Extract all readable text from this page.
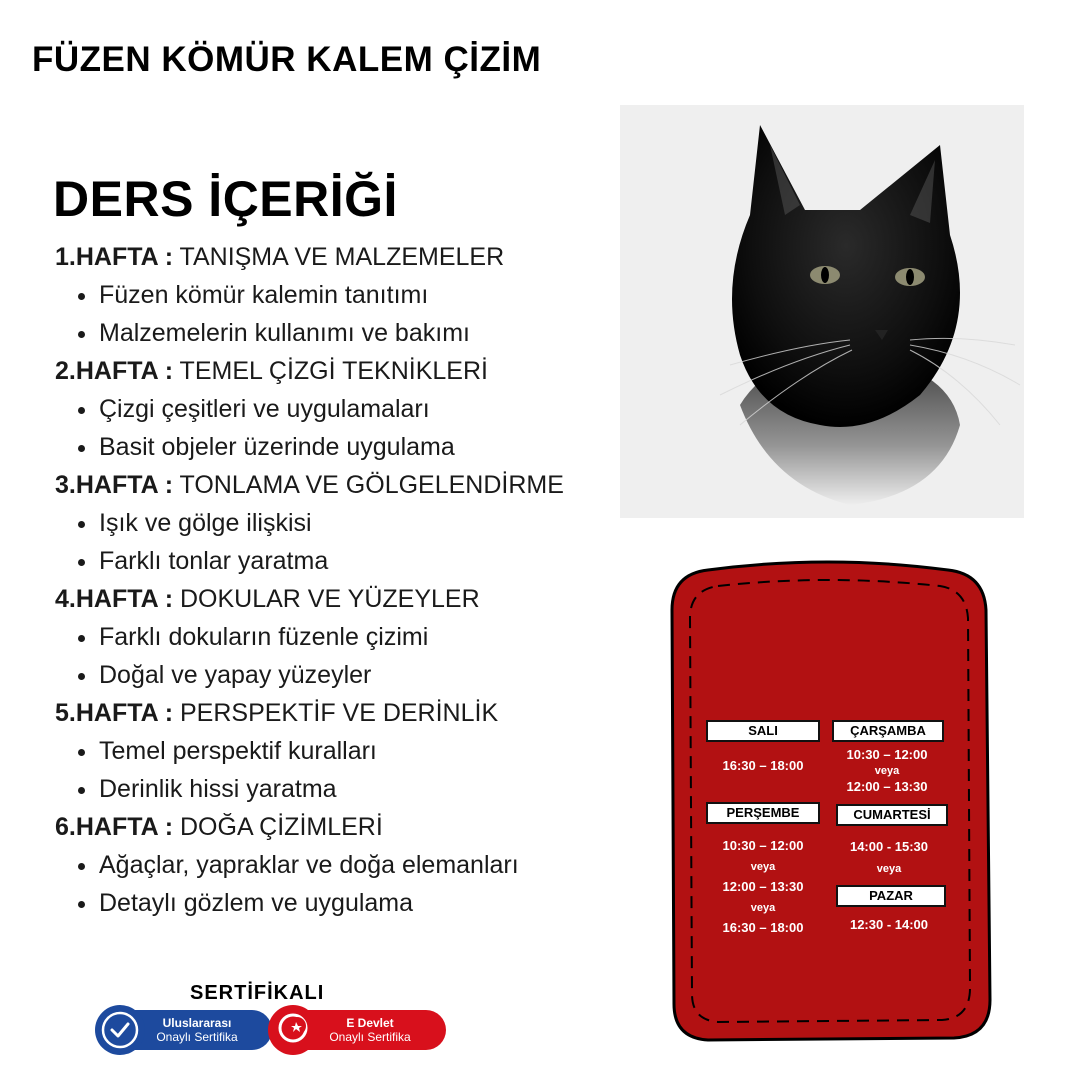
FÜZEN KÖMÜR KALEM ÇİZİM
DERS İÇERİĞİ
1.HAFTA : TANIŞMA VE MALZEMELER
• Füzen kömür kalemin tanıtımı
• Malzemelerin kullanımı ve bakımı
2.HAFTA : TEMEL ÇİZGİ TEKNİKLERİ
• Çizgi çeşitleri ve uygulamaları
• Basit objeler üzerinde uygulama
3.HAFTA : TONLAMA VE GÖLGELENDİRME
• Işık ve gölge ilişkisi
• Farklı tonlar yaratma
4.HAFTA : DOKULAR VE YÜZEYLER
• Farklı dokuların füzenle çizimi
• Doğal ve yapay yüzeyler
5.HAFTA : PERSPEKTİF VE DERİNLİK
• Temel perspektif kuralları
• Derinlik hissi yaratma
6.HAFTA : DOĞA ÇİZİMLERİ
• Ağaçlar, yapraklar ve doğa elemanları
• Detaylı gözlem ve uygulama
SALI
16:30 – 18:00
ÇARŞAMBA
10:30 – 12:00
veya
12:00 – 13:30
PERŞEMBE
10:30 – 12:00
veya
12:00 – 13:30
veya
16:30 – 18:00
CUMARTESİ
14:00 - 15:30
veya
PAZAR
12:30 - 14:00
SERTİFİKALI
Uluslararası
Onaylı Sertifika
E Devlet
Onaylı Sertifika
